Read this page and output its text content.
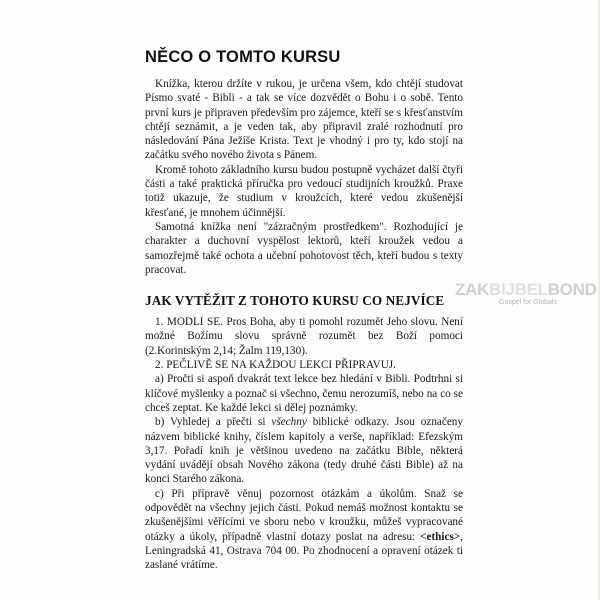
NĚCO O TOMTO KURSU

Knížka, kterou držíte v rukou, je určena všem, kdo chtějí studovat Písmo svaté - Bibli - a tak se více dozvědět o Bohu i o sobě. Tento první kurs je připraven především pro zájemce, kteří se s křesťanstvím chtějí seznámit, a je veden tak, aby připravil zralé rozhodnutí pro následování Pána Ježíše Krista. Text je vhodný i pro ty, kdo stojí na začátku svého nového života s Pánem.

Kromě tohoto základního kursu budou postupně vycházet další čtyři části a také praktická příručka pro vedoucí studijních kroužků. Praxe totiž ukazuje, že studium v kroužcích, které vedou zkušenější křesťané, je mnohem účinnější.

Samotná knížka není "zázračným prostředkem". Rozhodující je charakter a duchovní vyspělost lektorů, kteří kroužek vedou a samozřejmě také ochota a učební pohotovost těch, kteří budou s texty pracovat.

JAK VYTĚŽIT Z TOHOTO KURSU CO NEJVÍCE

1. MODLI SE. Pros Boha, aby ti pomohl rozumět Jeho slovu. Není možné Božímu slovu správně rozumět bez Boží pomoci (2.Korintským 2,14; Žalm 119,130).

2. PEČLIVĚ SE NA KAŽDOU LEKCI PŘIPRAVUJ.

a) Pročti si aspoň dvakrát text lekce bez hledání v Bibli. Podtrhni si klíčové myšlenky a poznač si všechno, čemu nerozumíš, nebo na co se chceš zeptat. Ke každé lekci si dělej poznámky.

b) Vyhledej a přečti si všechny biblické odkazy. Jsou označeny názvem biblické knihy, číslem kapitoly a verše, například: Efezským 3,17. Pořadí knih je většinou uvedeno na začátku Bible, některá vydání uvádějí obsah Nového zákona (tedy druhé části Bible) až na konci Starého zákona.

c) Při přípravě věnuj pozornost otázkám a úkolům. Snaž se odpovědět na všechny jejich části. Pokud nemáš možnost kontaktu se zkušenějšími věřícími ve sboru nebo v kroužku, můžeš vypracované otázky a úkoly, případně vlastní dotazy poslat na adresu: <ethics>, Leningradská 41, Ostrava 704 00. Po zhodnocení a opravení otázek ti zaslané vrátíme.

ZAKBIJBELBOND
Gospel for Globals
